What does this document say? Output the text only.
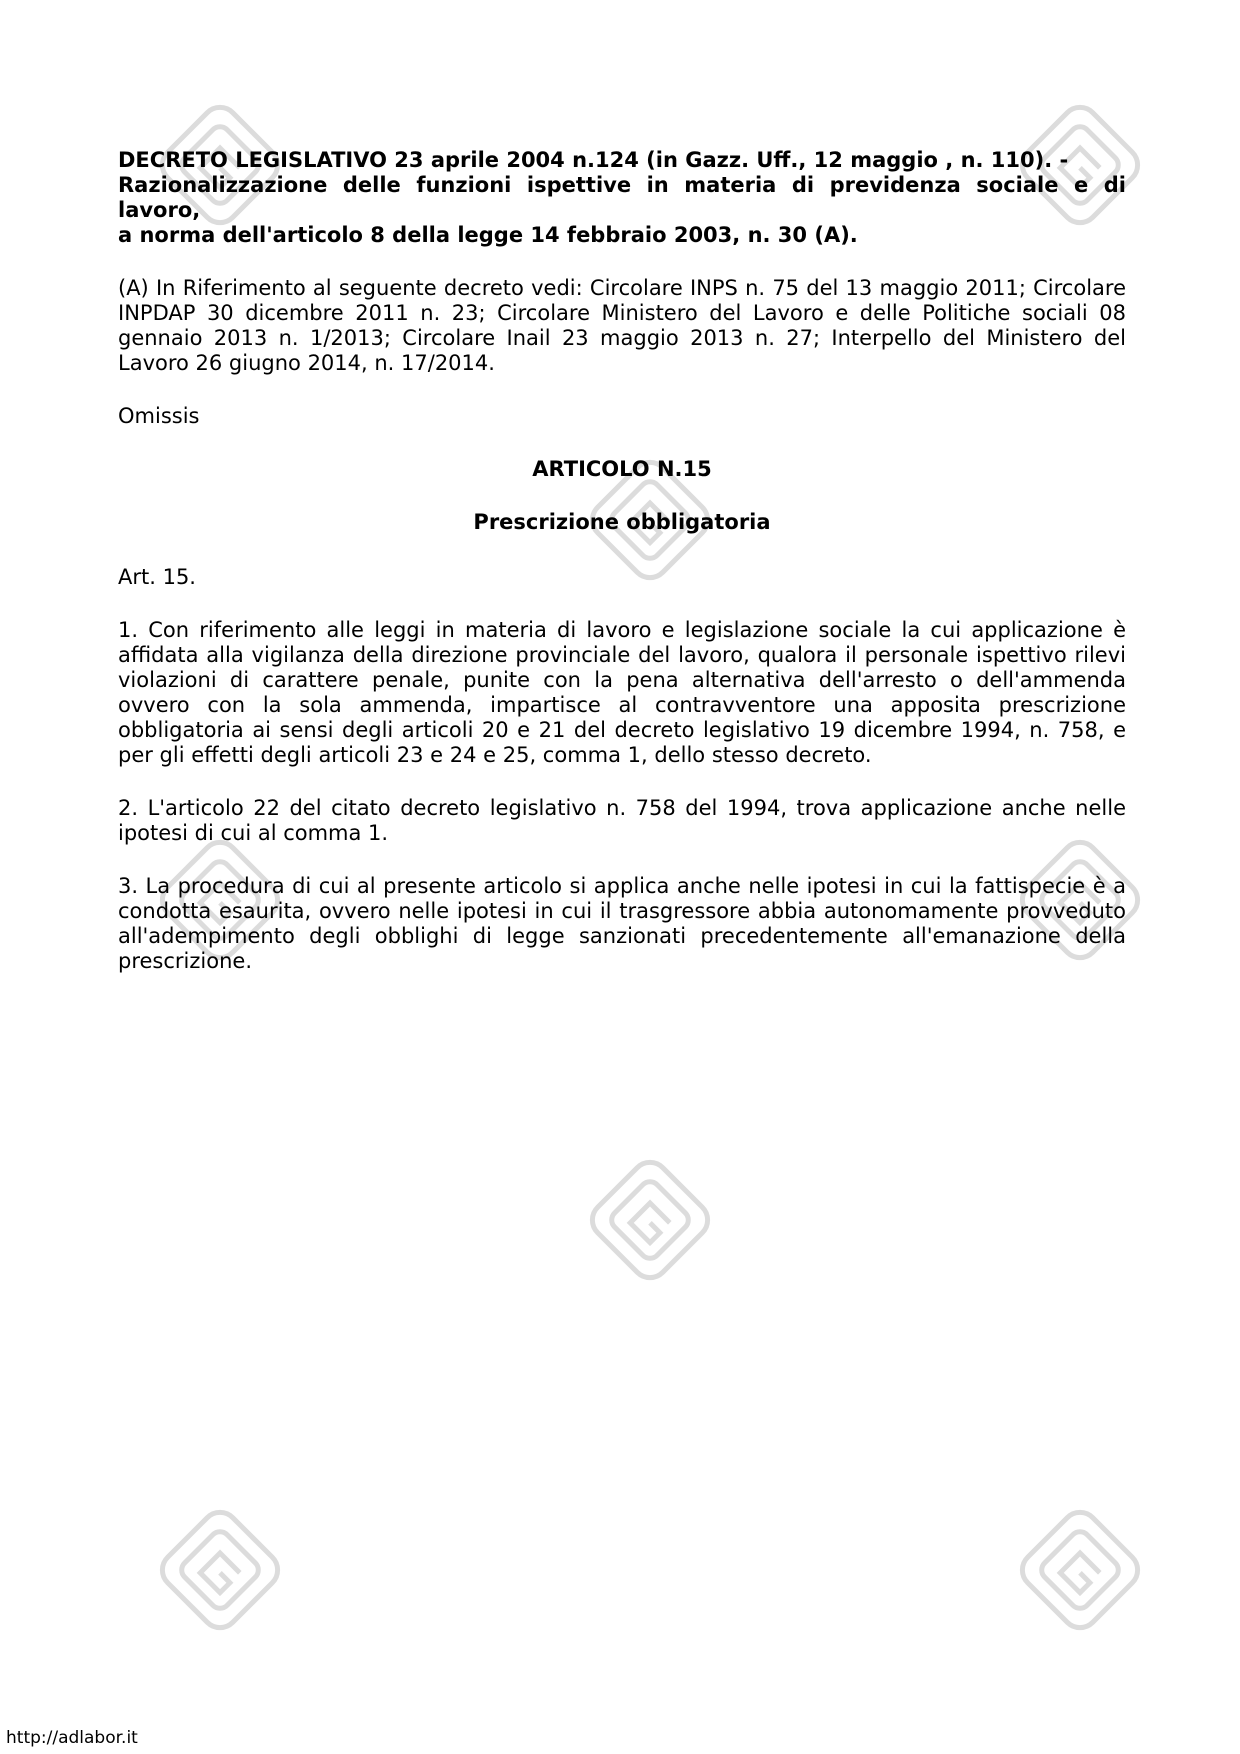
DECRETO LEGISLATIVO 23 aprile 2004 n.124 (in Gazz. Uff., 12 maggio , n. 110). -
Razionalizzazione delle funzioni ispettive in materia di previdenza sociale e di lavoro,
a norma dell'articolo 8 della legge 14 febbraio 2003, n. 30 (A).

(A) In Riferimento al seguente decreto vedi: Circolare INPS n. 75 del 13 maggio 2011; Circolare INPDAP 30 dicembre 2011 n. 23; Circolare Ministero del Lavoro e delle Politiche sociali 08 gennaio 2013 n. 1/2013; Circolare Inail 23 maggio 2013 n. 27; Interpello del Ministero del Lavoro 26 giugno 2014, n. 17/2014.

Omissis

ARTICOLO N.15
Prescrizione obbligatoria

Art. 15.

1. Con riferimento alle leggi in materia di lavoro e legislazione sociale la cui applicazione è affidata alla vigilanza della direzione provinciale del lavoro, qualora il personale ispettivo rilevi violazioni di carattere penale, punite con la pena alternativa dell'arresto o dell'ammenda ovvero con la sola ammenda, impartisce al contravventore una apposita prescrizione obbligatoria ai sensi degli articoli 20 e 21 del decreto legislativo 19 dicembre 1994, n. 758, e per gli effetti degli articoli 23 e 24 e 25, comma 1, dello stesso decreto.

2. L'articolo 22 del citato decreto legislativo n. 758 del 1994, trova applicazione anche nelle ipotesi di cui al comma 1.

3. La procedura di cui al presente articolo si applica anche nelle ipotesi in cui la fattispecie è a condotta esaurita, ovvero nelle ipotesi in cui il trasgressore abbia autonomamente provveduto all'adempimento degli obblighi di legge sanzionati precedentemente all'emanazione della prescrizione.

http://adlabor.it
